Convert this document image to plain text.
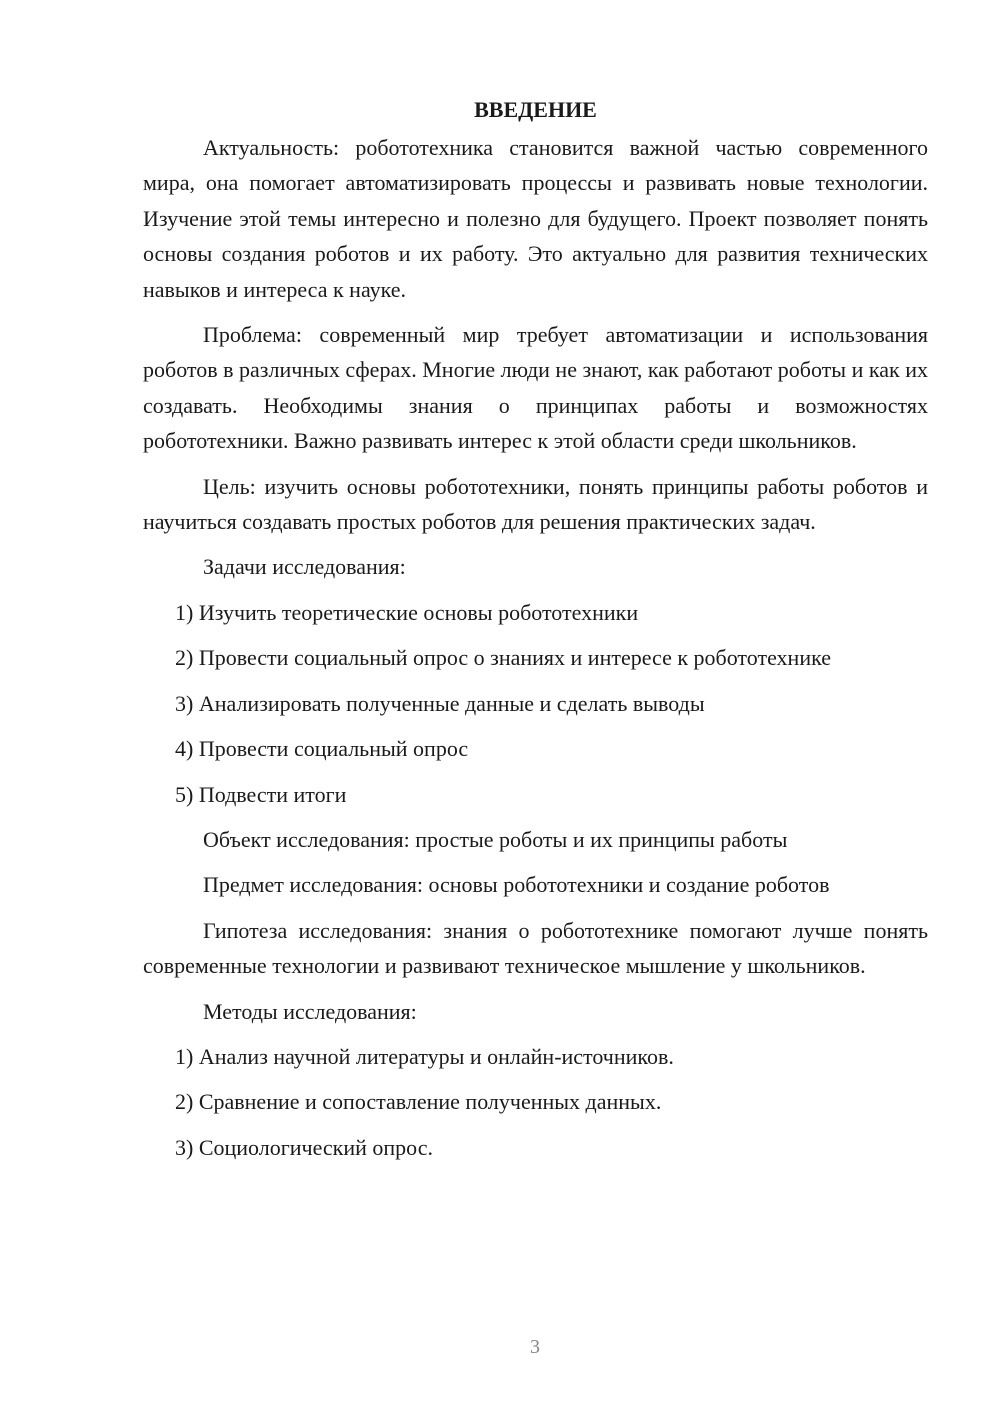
ВВЕДЕНИЕ

Актуальность: робототехника становится важной частью современного мира, она помогает автоматизировать процессы и развивать новые технологии. Изучение этой темы интересно и полезно для будущего. Проект позволяет понять основы создания роботов и их работу. Это актуально для развития технических навыков и интереса к науке.

Проблема: современный мир требует автоматизации и использования роботов в различных сферах. Многие люди не знают, как работают роботы и как их создавать. Необходимы знания о принципах работы и возможностях робототехники. Важно развивать интерес к этой области среди школьников.

Цель: изучить основы робототехники, понять принципы работы роботов и научиться создавать простых роботов для решения практических задач.

Задачи исследования:
1) Изучить теоретические основы робототехники
2) Провести социальный опрос о знаниях и интересе к робототехнике
3) Анализировать полученные данные и сделать выводы
4) Провести социальный опрос
5) Подвести итоги
Объект исследования: простые роботы и их принципы работы
Предмет исследования: основы робототехники и создание роботов

Гипотеза исследования: знания о робототехнике помогают лучше понять современные технологии и развивают техническое мышление у школьников.

Методы исследования:
1) Анализ научной литературы и онлайн-источников.
2) Сравнение и сопоставление полученных данных.
3) Социологический опрос.
3
